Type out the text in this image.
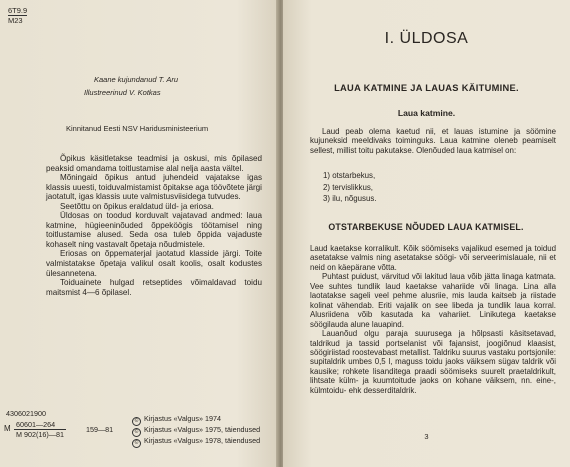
6T9.9
M23
Kaane kujundanud T. Aru
Illustreerinud V. Kotkas
Kinnitanud Eesti NSV Haridusministeerium

Õpikus käsitletakse teadmisi ja oskusi, mis õpilased peaksid omandama toitlustamise alal nelja aasta vältel.

Mõningaid õpikus antud juhendeid vajatakse igas klassis uuesti, toiduvalmistamist õpitakse aga töövõtete järgi jaotatult, igas klassis uute valmistusviisidega tutvudes.

Seetõttu on õpikus eraldatud üld- ja eriosa.

Üldosas on toodud korduvalt vajatavad andmed: laua katmine, hügieeninõuded õppeköögis töötamisel ning toitlustamise alused. Seda osa tuleb õppida vajaduste kohaselt ning vastavalt õpetaja nõudmistele.

Eriosas on õppematerjal jaotatud klasside järgi. Toite valmistatakse õpetaja valikul osalt koolis, osalt kodustes ülesannetena.

Toiduainete hulgad retseptides võimaldavad toidu maitsmist 4—6 õpilasel.

4306021900
M $\frac{60601—264}{M 902(16)—81}$	159—81
© Kirjastus «Valgus» 1974
© Kirjastus «Valgus» 1975, täiendused
© Kirjastus «Valgus» 1978, täiendused
I. ÜLDOSA
LAUA KATMINE JA LAUAS KÄITUMINE.
Laua katmine.

Laud peab olema kaetud nii, et lauas istumine ja söömine kujuneksid meeldivaks toiminguks. Laua katmine oleneb peamiselt sellest, millist toitu pakutakse. Olenõuded laua katmisel on:

1) otstarbekus,
2) tervislikkus,
3) ilu, nõgusus.
OTSTARBEKUSE NÕUDED LAUA KATMISEL.

Laud kaetakse korralikult. Kõik söömiseks vajalikud esemed ja toidud asetatakse valmis ning asetatakse söögi- või serveerimislauale, nii et neid on käepärane võtta.

Puhtast puidust, värvitud või lakitud laua võib jätta linaga katmata. Vee suhtes tundlik laud kaetakse vahariide või linaga. Lina alla laotatakse sageli veel pehme alusriie, mis lauda kaitseb ja riistade kolinat vähendab. Eriti vajalik on see libeda ja tundlik laua korral. Alusriidena võib kasutada ka vahariiet. Linikutega kaetakse söögilauda alune lauapind.

Lauanõud olgu paraja suurusega ja hõlpsasti käsitsetavad, taldrikud ja tassid portselanist või fajansist, joogiõnud klaasist, söögiriistad roostevabast metallist. Taldriku suurus vastaku portsjonile: supitaldrik umbes 0,5 l, maguss toidu jaoks väiksem sügav taldrik või kausike; rohkete lisanditega praadi söömiseks suurelt praetaldrikult, lihtsate külm- ja kuumtoitude jaoks on kohane väiksem, nn. eine-, külmtoidu- ehk desserditaldrik.

3
